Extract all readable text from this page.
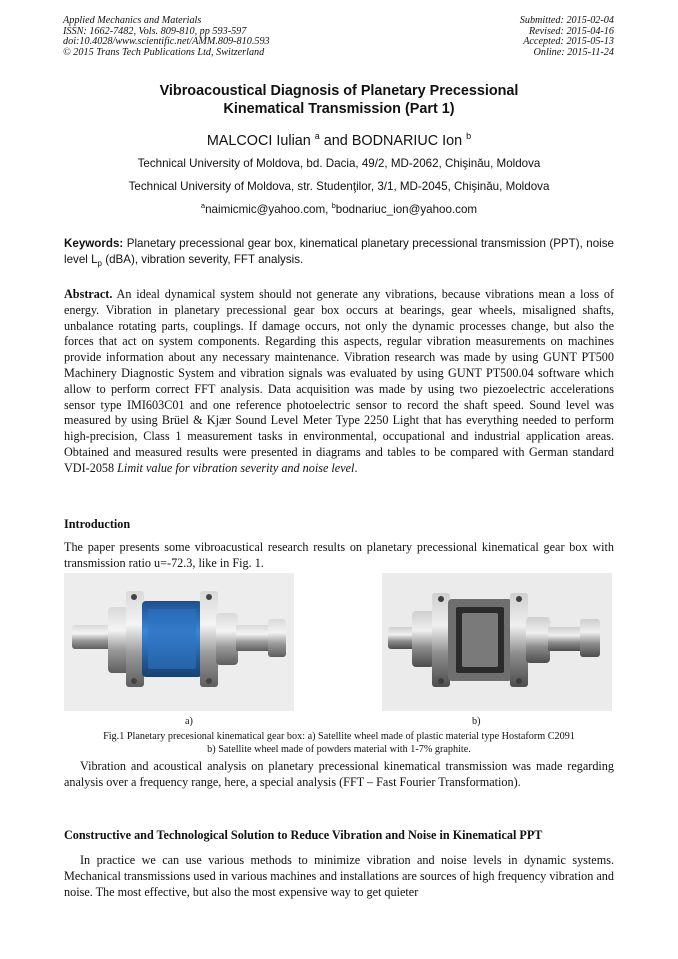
Applied Mechanics and Materials
ISSN: 1662-7482, Vols. 809-810, pp 593-597
doi:10.4028/www.scientific.net/AMM.809-810.593
© 2015 Trans Tech Publications Ltd, Switzerland
Submitted: 2015-02-04
Revised: 2015-04-16
Accepted: 2015-05-13
Online: 2015-11-24
Vibroacoustical Diagnosis of Planetary Precessional
Kinematical Transmission (Part 1)
MALCOCI Iulian $^a$ and BODNARIUC Ion $^b$
Technical University of Moldova, bd. Dacia, 49/2, MD-2062, Chişinău, Moldova
Technical University of Moldova, str. Studenţilor, 3/1, MD-2045, Chişinău, Moldova
$^a$naimicmic@yahoo.com, $^b$bodnariuc_ion@yahoo.com
Keywords: Planetary precessional gear box, kinematical planetary precessional transmission (PPT), noise level $L_p$ (dBA), vibration severity, FFT analysis.
Abstract. An ideal dynamical system should not generate any vibrations, because vibrations mean a loss of energy. Vibration in planetary precessional gear box occurs at bearings, gear wheels, misaligned shafts, unbalance rotating parts, couplings. If damage occurs, not only the dynamic processes change, but also the forces that act on system components. Regarding this aspects, regular vibration measurements on machines provide information about any necessary maintenance. Vibration research was made by using GUNT PT500 Machinery Diagnostic System and vibration signals was evaluated by using GUNT PT500.04 software which allow to perform correct FFT analysis. Data acquisition was made by using two piezoelectric accelerations sensor type IMI603C01 and one reference photoelectric sensor to record the shaft speed. Sound level was measured by using Brüel & Kjær Sound Level Meter Type 2250 Light that has everything needed to perform high-precision, Class 1 measurement tasks in environmental, occupational and industrial application areas. Obtained and measured results were presented in diagrams and tables to be compared with German standard VDI-2058 Limit value for vibration severity and noise level.
Introduction
The paper presents some vibroacustical research results on planetary precessional kinematical gear box with transmission ratio u=-72.3, like in Fig. 1.
a)	b)
Fig.1 Planetary precesional kinematical gear box: a) Satellite wheel made of plastic material type Hostaform C2091
b) Satellite wheel made of powders material with 1-7% graphite.
Vibration and acoustical analysis on planetary precessional kinematical transmission was made regarding analysis over a frequency range, here, a special analysis (FFT – Fast Fourier Transformation).
Constructive and Technological Solution to Reduce Vibration and Noise in Kinematical PPT
In practice we can use various methods to minimize vibration and noise levels in dynamic systems. Mechanical transmissions used in various machines and installations are sources of high frequency vibration and noise. The most effective, but also the most expensive way to get quieter
